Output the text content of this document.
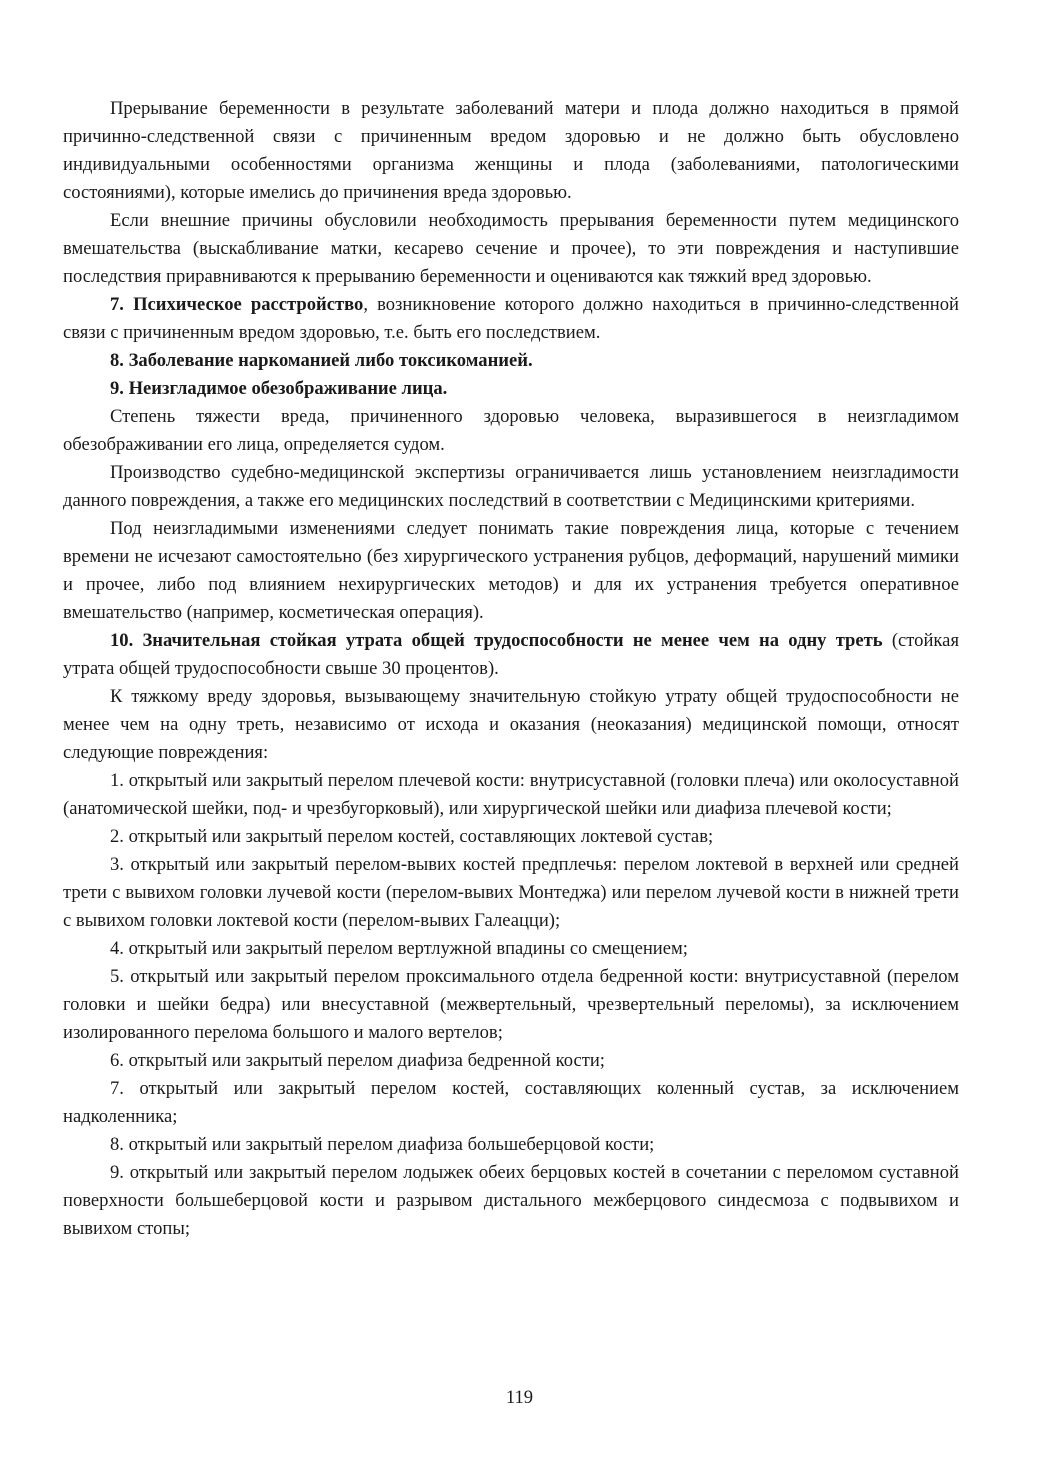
Прерывание беременности в результате заболеваний матери и плода должно находиться в прямой причинно-следственной связи с причиненным вредом здоровью и не должно быть обусловлено индивидуальными особенностями организма женщины и плода (заболеваниями, патологическими состояниями), которые имелись до причинения вреда здоровью.

Если внешние причины обусловили необходимость прерывания беременности путем медицинского вмешательства (выскабливание матки, кесарево сечение и прочее), то эти повреждения и наступившие последствия приравниваются к прерыванию беременности и оцениваются как тяжкий вред здоровью.

7. Психическое расстройство, возникновение которого должно находиться в причинно-следственной связи с причиненным вредом здоровью, т.е. быть его последствием.

8. Заболевание наркоманией либо токсикоманией.

9. Неизгладимое обезображивание лица.

Степень тяжести вреда, причиненного здоровью человека, выразившегося в неизгладимом обезображивании его лица, определяется судом.

Производство судебно-медицинской экспертизы ограничивается лишь установлением неизгладимости данного повреждения, а также его медицинских последствий в соответствии с Медицинскими критериями.

Под неизгладимыми изменениями следует понимать такие повреждения лица, которые с течением времени не исчезают самостоятельно (без хирургического устранения рубцов, деформаций, нарушений мимики и прочее, либо под влиянием нехирургических методов) и для их устранения требуется оперативное вмешательство (например, косметическая операция).

10. Значительная стойкая утрата общей трудоспособности не менее чем на одну треть (стойкая утрата общей трудоспособности свыше 30 процентов).

К тяжкому вреду здоровья, вызывающему значительную стойкую утрату общей трудоспособности не менее чем на одну треть, независимо от исхода и оказания (неоказания) медицинской помощи, относят следующие повреждения:

1. открытый или закрытый перелом плечевой кости: внутрисуставной (головки плеча) или околосуставной (анатомической шейки, под- и чрезбугорковый), или хирургической шейки или диафиза плечевой кости;

2. открытый или закрытый перелом костей, составляющих локтевой сустав;

3. открытый или закрытый перелом-вывих костей предплечья: перелом локтевой в верхней или средней трети с вывихом головки лучевой кости (перелом-вывих Монтеджа) или перелом лучевой кости в нижней трети с вывихом головки локтевой кости (перелом-вывих Галеацци);

4. открытый или закрытый перелом вертлужной впадины со смещением;

5. открытый или закрытый перелом проксимального отдела бедренной кости: внутрисуставной (перелом головки и шейки бедра) или внесуставной (межвертельный, чрезвертельный переломы), за исключением изолированного перелома большого и малого вертелов;

6. открытый или закрытый перелом диафиза бедренной кости;

7. открытый или закрытый перелом костей, составляющих коленный сустав, за исключением надколенника;

8. открытый или закрытый перелом диафиза большеберцовой кости;

9. открытый или закрытый перелом лодыжек обеих берцовых костей в сочетании с переломом суставной поверхности большеберцовой кости и разрывом дистального межберцового синдесмоза с подвывихом и вывихом стопы;

119
